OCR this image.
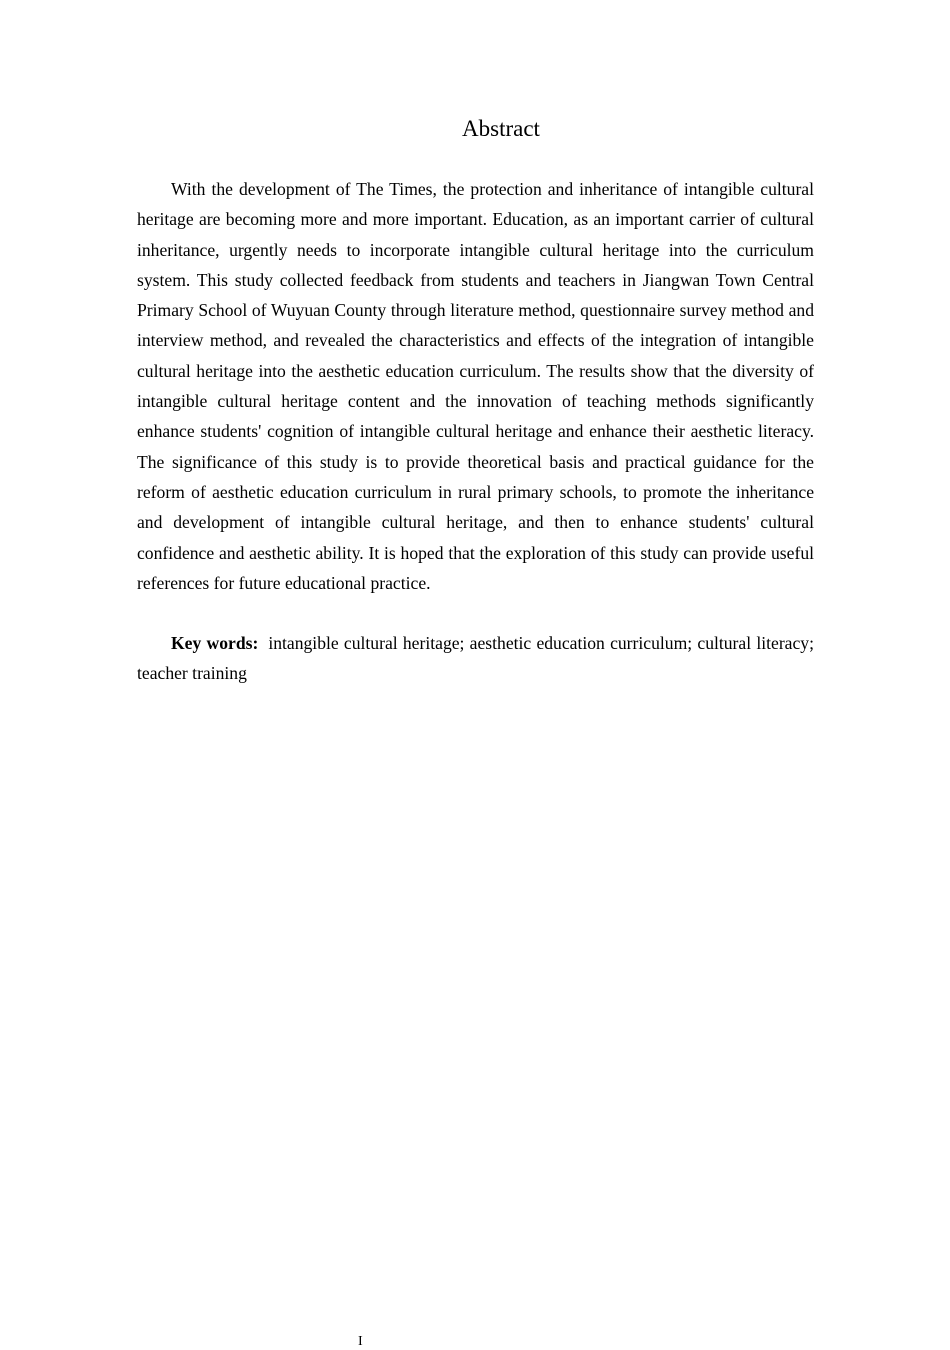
Abstract

With the development of The Times, the protection and inheritance of intangible cultural heritage are becoming more and more important. Education, as an important carrier of cultural inheritance, urgently needs to incorporate intangible cultural heritage into the curriculum system. This study collected feedback from students and teachers in Jiangwan Town Central Primary School of Wuyuan County through literature method, questionnaire survey method and interview method, and revealed the characteristics and effects of the integration of intangible cultural heritage into the aesthetic education curriculum. The results show that the diversity of intangible cultural heritage content and the innovation of teaching methods significantly enhance students' cognition of intangible cultural heritage and enhance their aesthetic literacy. The significance of this study is to provide theoretical basis and practical guidance for the reform of aesthetic education curriculum in rural primary schools, to promote the inheritance and development of intangible cultural heritage, and then to enhance students' cultural confidence and aesthetic ability. It is hoped that the exploration of this study can provide useful references for future educational practice.

Key words: intangible cultural heritage; aesthetic education curriculum; cultural literacy; teacher training

I
